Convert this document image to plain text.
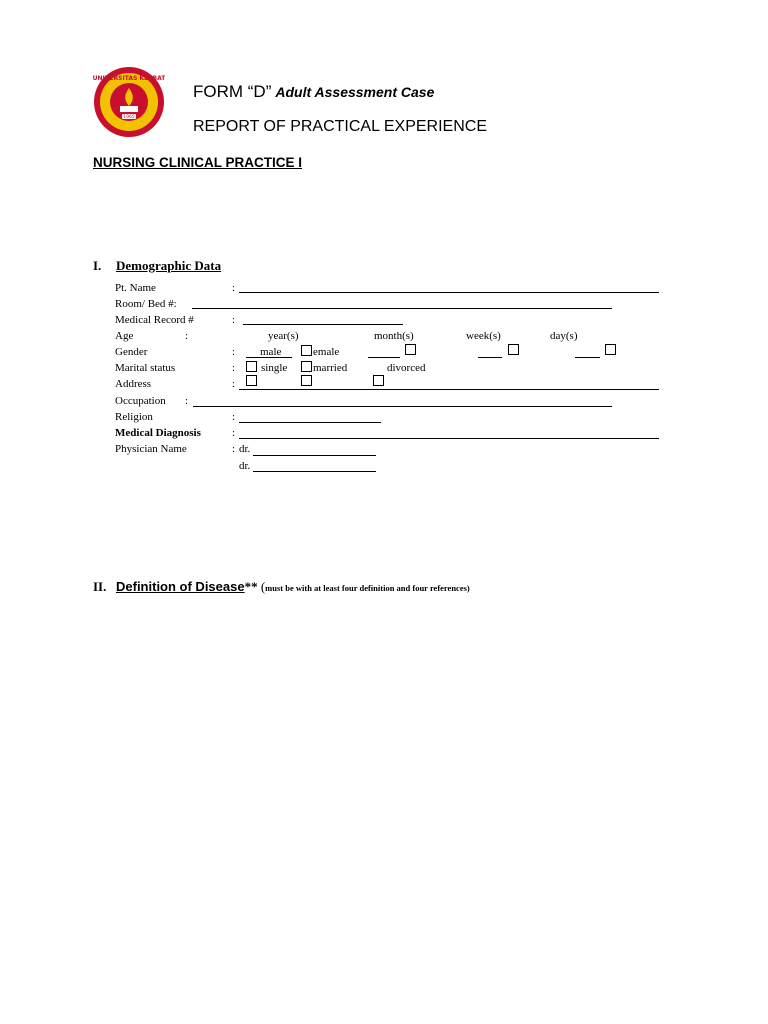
UNIVERSITAS KLABAT
1965
FORM “D” Adult Assessment Case
REPORT OF PRACTICAL EXPERIENCE
NURSING CLINICAL PRACTICE I
I. Demographic Data
Pt. Name	:
Room/ Bed #:
Medical Record #	:
Age	:	year(s)	month(s)	week(s)	day(s)
Gender	: male	emale
Marital status	: single married	divorced
Address	:
Occupation :
Religion	:
Medical Diagnosis	:
Physician Name	: dr.
dr.
II. Definition of Disease** (must be with at least four definition and four references)
